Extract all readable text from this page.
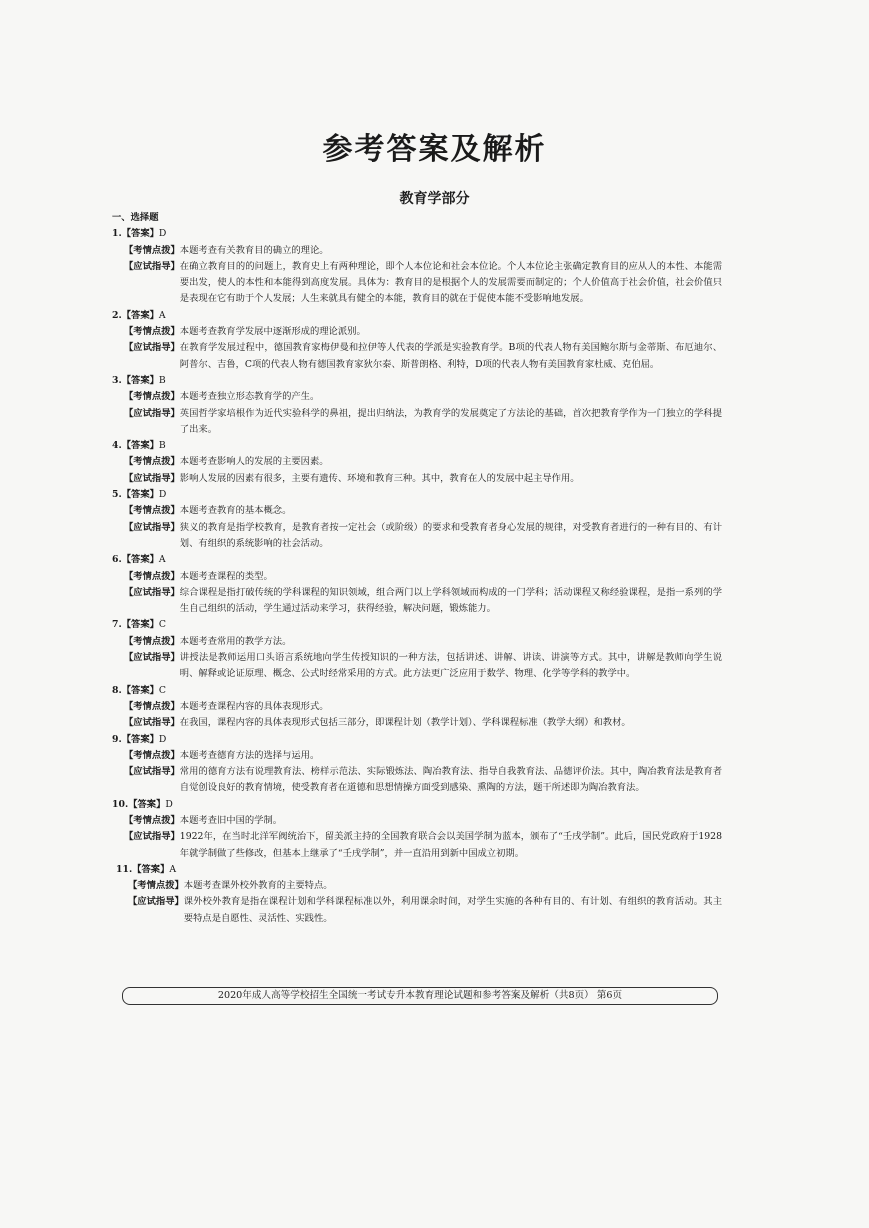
参考答案及解析
教育学部分
一、选择题
1.【答案】D
【考情点拨】 本题考查有关教育目的确立的理论。
【应试指导】 在确立教育目的的问题上，教育史上有两种理论，即个人本位论和社会本位论。个人本位论主张确定教育目的应从人的本性、本能需要出发，使人的本性和本能得到高度发展。具体为：教育目的是根据个人的发展需要而制定的；个人价值高于社会价值，社会价值只是表现在它有助于个人发展；人生来就具有健全的本能，教育目的就在于促使本能不受影响地发展。
2.【答案】A
【考情点拨】 本题考查教育学发展中逐渐形成的理论派别。
【应试指导】 在教育学发展过程中，德国教育家梅伊曼和拉伊等人代表的学派是实验教育学。B项的代表人物有美国鲍尔斯与金蒂斯、布厄迪尔、阿普尔、吉鲁，C项的代表人物有德国教育家狄尔泰、斯普朗格、利特，D项的代表人物有美国教育家杜威、克伯屈。
3.【答案】B
【考情点拨】 本题考查独立形态教育学的产生。
【应试指导】 英国哲学家培根作为近代实验科学的鼻祖，提出归纳法，为教育学的发展奠定了方法论的基础，首次把教育学作为一门独立的学科提了出来。
4.【答案】B
【考情点拨】 本题考查影响人的发展的主要因素。
【应试指导】 影响人发展的因素有很多，主要有遗传、环境和教育三种。其中，教育在人的发展中起主导作用。
5.【答案】D
【考情点拨】 本题考查教育的基本概念。
【应试指导】 狭义的教育是指学校教育，是教育者按一定社会（或阶级）的要求和受教育者身心发展的规律，对受教育者进行的一种有目的、有计划、有组织的系统影响的社会活动。
6.【答案】A
【考情点拨】 本题考查课程的类型。
【应试指导】 综合课程是指打破传统的学科课程的知识领域，组合两门以上学科领域而构成的一门学科；活动课程又称经验课程，是指一系列的学生自己组织的活动，学生通过活动来学习，获得经验，解决问题，锻炼能力。
7.【答案】C
【考情点拨】 本题考查常用的教学方法。
【应试指导】 讲授法是教师运用口头语言系统地向学生传授知识的一种方法，包括讲述、讲解、讲读、讲演等方式。其中，讲解是教师向学生说明、解释或论证原理、概念、公式时经常采用的方式。此方法更广泛应用于数学、物理、化学等学科的教学中。
8.【答案】C
【考情点拨】 本题考查课程内容的具体表现形式。
【应试指导】 在我国，课程内容的具体表现形式包括三部分，即课程计划（教学计划）、学科课程标准（教学大纲）和教材。
9.【答案】D
【考情点拨】 本题考查德育方法的选择与运用。
【应试指导】 常用的德育方法有说理教育法、榜样示范法、实际锻炼法、陶冶教育法、指导自我教育法、品德评价法。其中，陶冶教育法是教育者自觉创设良好的教育情境，使受教育者在道德和思想情操方面受到感染、熏陶的方法，题干所述即为陶冶教育法。
10.【答案】D
【考情点拨】 本题考查旧中国的学制。
【应试指导】 1922年，在当时北洋军阀统治下，留美派主持的全国教育联合会以美国学制为蓝本，颁布了“壬戌学制”。此后，国民党政府于1928年就学制做了些修改，但基本上继承了“壬戌学制”，并一直沿用到新中国成立初期。
11.【答案】A
【考情点拨】 本题考查课外校外教育的主要特点。
【应试指导】 课外校外教育是指在课程计划和学科课程标准以外，利用课余时间，对学生实施的各种有目的、有计划、有组织的教育活动。其主要特点是自愿性、灵活性、实践性。
2020年成人高等学校招生全国统一考试专升本教育理论试题和参考答案及解析（共8页） 第6页
